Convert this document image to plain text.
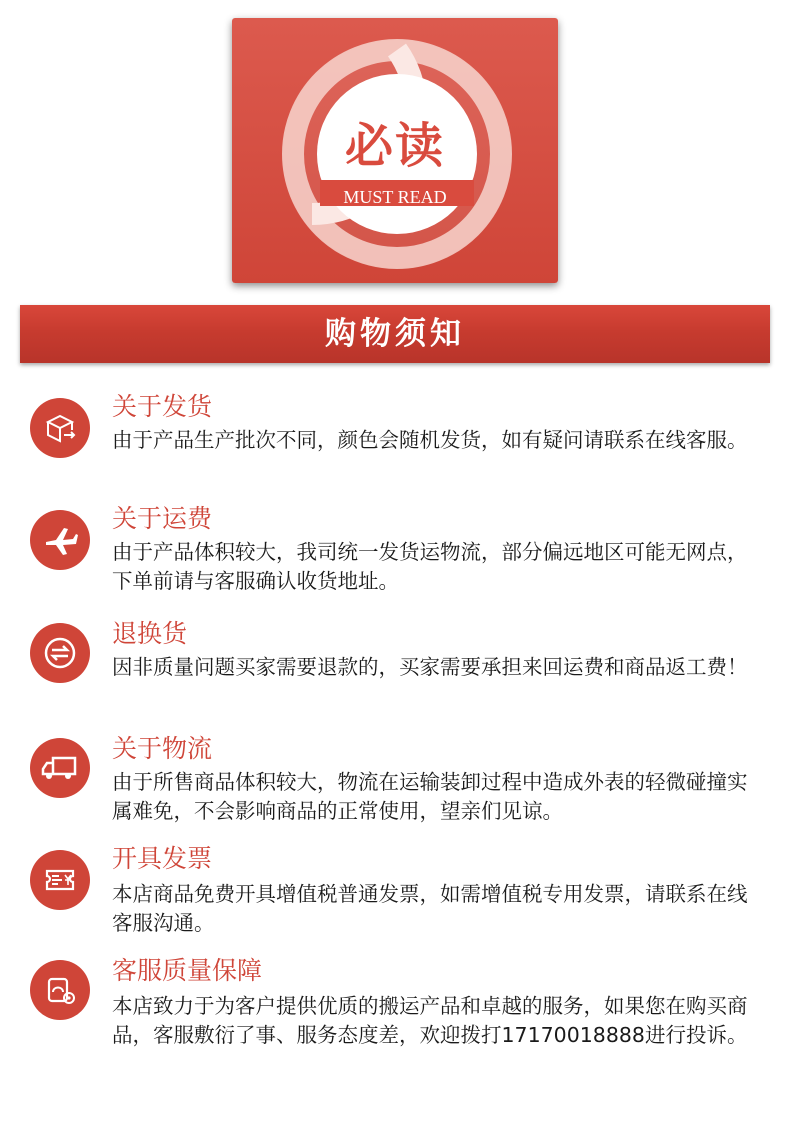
必读
MUST READ
购物须知
关于发货
由于产品生产批次不同，颜色会随机发货，如有疑问请联系在线客服。
关于运费
由于产品体积较大，我司统一发货运物流，部分偏远地区可能无网点，下单前请与客服确认收货地址。
退换货
因非质量问题买家需要退款的，买家需要承担来回运费和商品返工费！
关于物流
由于所售商品体积较大，物流在运输装卸过程中造成外表的轻微碰撞实属难免，不会影响商品的正常使用，望亲们见谅。
开具发票
本店商品免费开具增值税普通发票，如需增值税专用发票，请联系在线客服沟通。
客服质量保障
本店致力于为客户提供优质的搬运产品和卓越的服务，如果您在购买商品，客服敷衍了事、服务态度差，欢迎拨打17170018888进行投诉。
